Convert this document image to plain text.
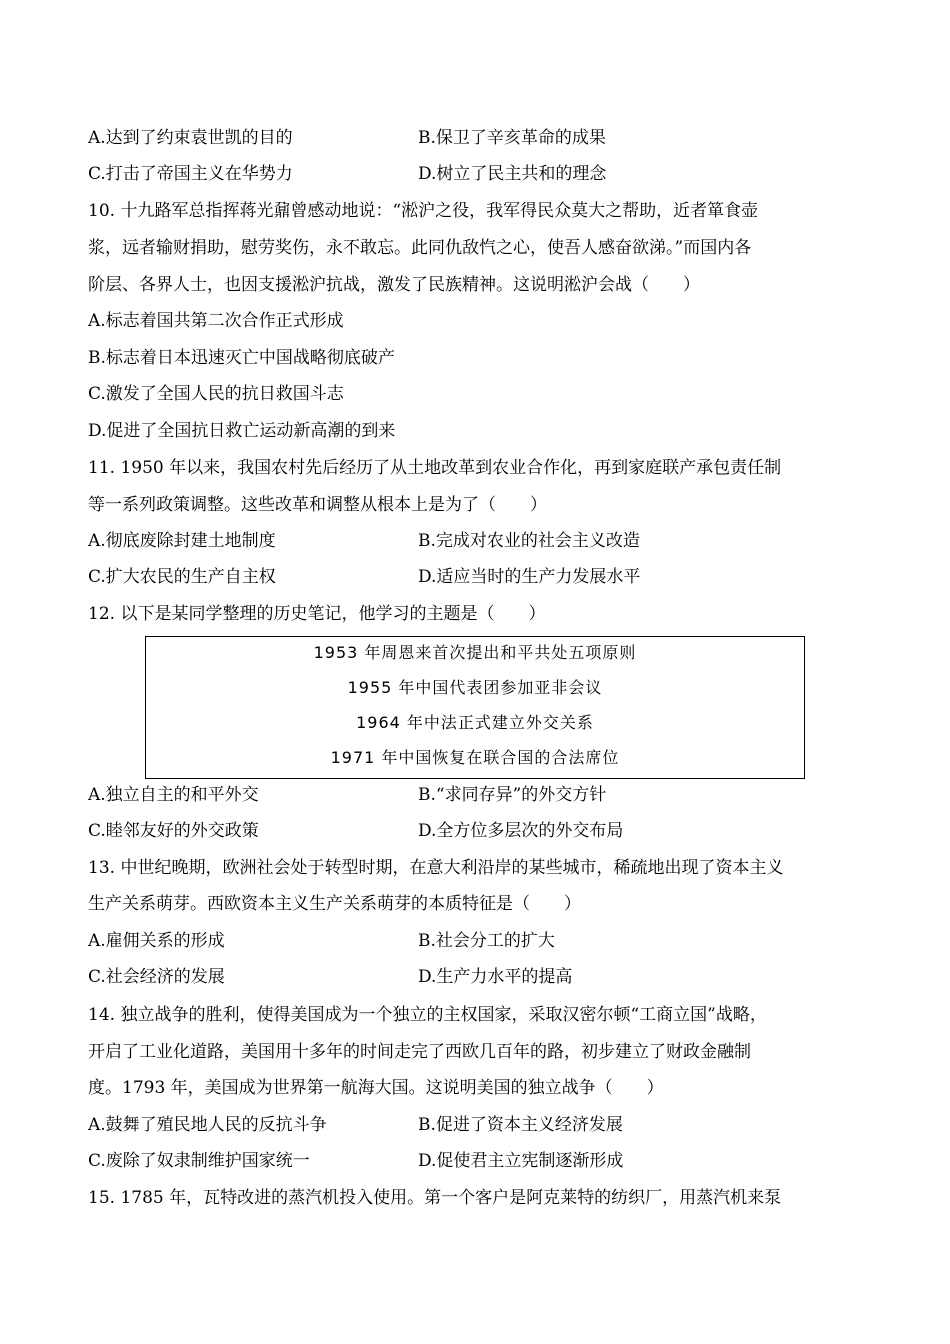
A.达到了约束袁世凯的目的	B.保卫了辛亥革命的成果
C.打击了帝国主义在华势力	D.树立了民主共和的理念
10. 十九路军总指挥蒋光鼐曾感动地说：“淞沪之役，我军得民众莫大之帮助，近者箪食壶
浆，远者输财捐助，慰劳奖伤，永不敢忘。此同仇敌忾之心，使吾人感奋欲涕。”而国内各
阶层、各界人士，也因支援淞沪抗战，激发了民族精神。这说明淞沪会战（　　）
A.标志着国共第二次合作正式形成
B.标志着日本迅速灭亡中国战略彻底破产
C.激发了全国人民的抗日救国斗志
D.促进了全国抗日救亡运动新高潮的到来
11. 1950 年以来，我国农村先后经历了从土地改革到农业合作化，再到家庭联产承包责任制
等一系列政策调整。这些改革和调整从根本上是为了（　　）
A.彻底废除封建土地制度	B.完成对农业的社会主义改造
C.扩大农民的生产自主权	D.适应当时的生产力发展水平
12. 以下是某同学整理的历史笔记，他学习的主题是（　　）
1953 年周恩来首次提出和平共处五项原则
1955 年中国代表团参加亚非会议
1964 年中法正式建立外交关系
1971 年中国恢复在联合国的合法席位
A.独立自主的和平外交	B.“求同存异”的外交方针
C.睦邻友好的外交政策	D.全方位多层次的外交布局
13. 中世纪晚期，欧洲社会处于转型时期，在意大利沿岸的某些城市，稀疏地出现了资本主义
生产关系萌芽。西欧资本主义生产关系萌芽的本质特征是（　　）
A.雇佣关系的形成	B.社会分工的扩大
C.社会经济的发展	D.生产力水平的提高
14. 独立战争的胜利，使得美国成为一个独立的主权国家，采取汉密尔顿“工商立国”战略，
开启了工业化道路，美国用十多年的时间走完了西欧几百年的路，初步建立了财政金融制
度。1793 年，美国成为世界第一航海大国。这说明美国的独立战争（　　）
A.鼓舞了殖民地人民的反抗斗争	B.促进了资本主义经济发展
C.废除了奴隶制维护国家统一	D.促使君主立宪制逐渐形成
15. 1785 年，瓦特改进的蒸汽机投入使用。第一个客户是阿克莱特的纺织厂，用蒸汽机来泵
